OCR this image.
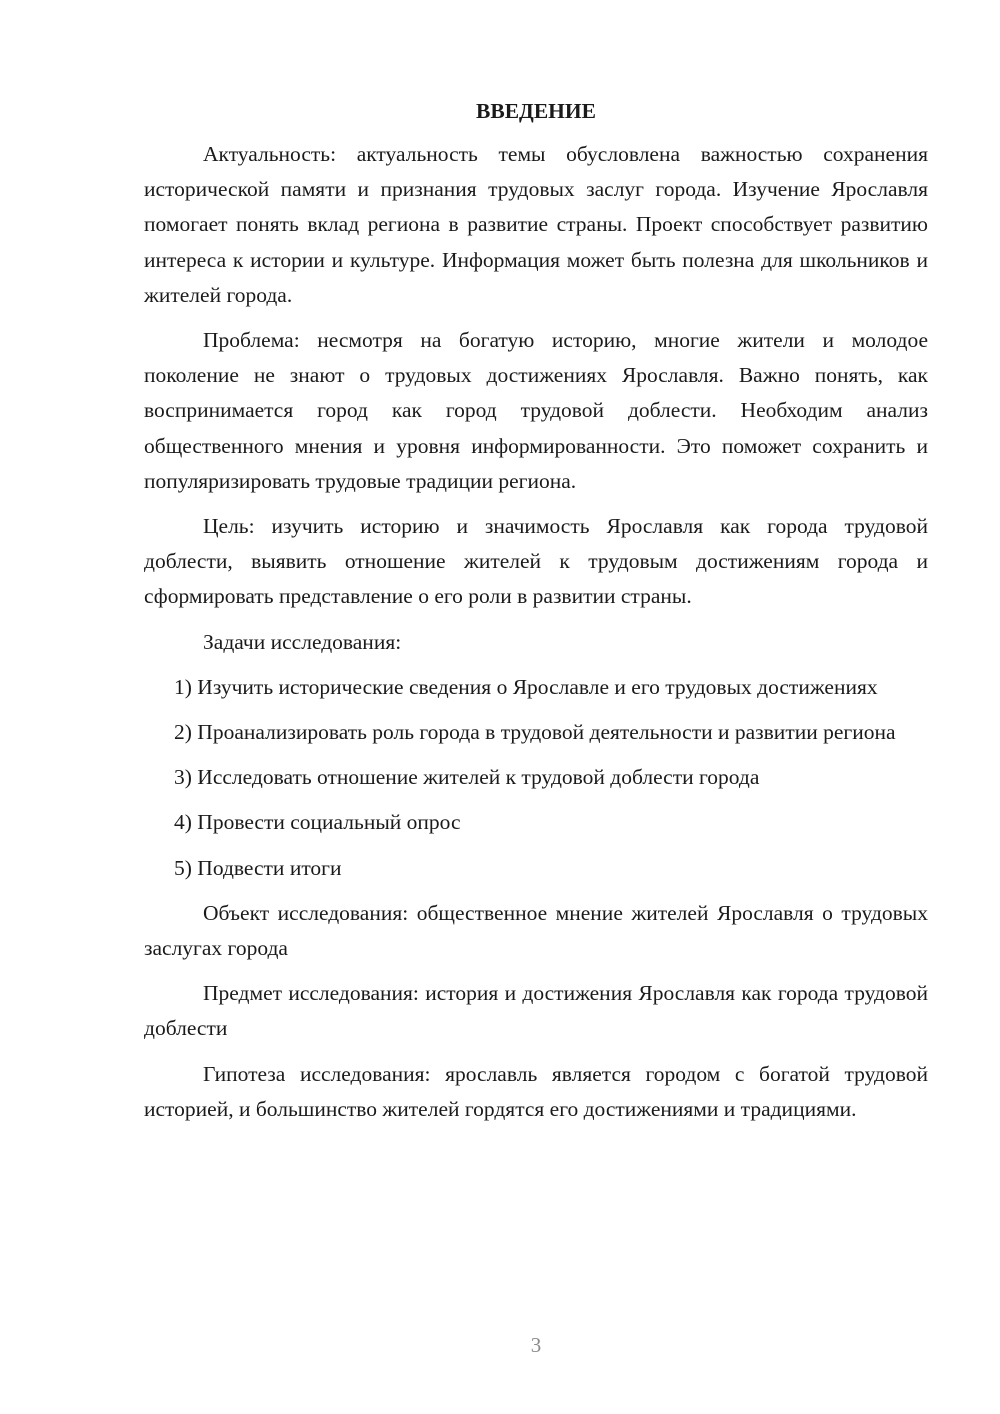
ВВЕДЕНИЕ

Актуальность: актуальность темы обусловлена важностью сохранения исторической памяти и признания трудовых заслуг города. Изучение Ярославля помогает понять вклад региона в развитие страны. Проект способствует развитию интереса к истории и культуре. Информация может быть полезна для школьников и жителей города.

Проблема: несмотря на богатую историю, многие жители и молодое поколение не знают о трудовых достижениях Ярославля. Важно понять, как воспринимается город как город трудовой доблести. Необходим анализ общественного мнения и уровня информированности. Это поможет сохранить и популяризировать трудовые традиции региона.

Цель: изучить историю и значимость Ярославля как города трудовой доблести, выявить отношение жителей к трудовым достижениям города и сформировать представление о его роли в развитии страны.

Задачи исследования:

1) Изучить исторические сведения о Ярославле и его трудовых достижениях

2) Проанализировать роль города в трудовой деятельности и развитии региона

3) Исследовать отношение жителей к трудовой доблести города

4) Провести социальный опрос

5) Подвести итоги

Объект исследования: общественное мнение жителей Ярославля о трудовых заслугах города

Предмет исследования: история и достижения Ярославля как города трудовой доблести

Гипотеза исследования: ярославль является городом с богатой трудовой историей, и большинство жителей гордятся его достижениями и традициями.

3
